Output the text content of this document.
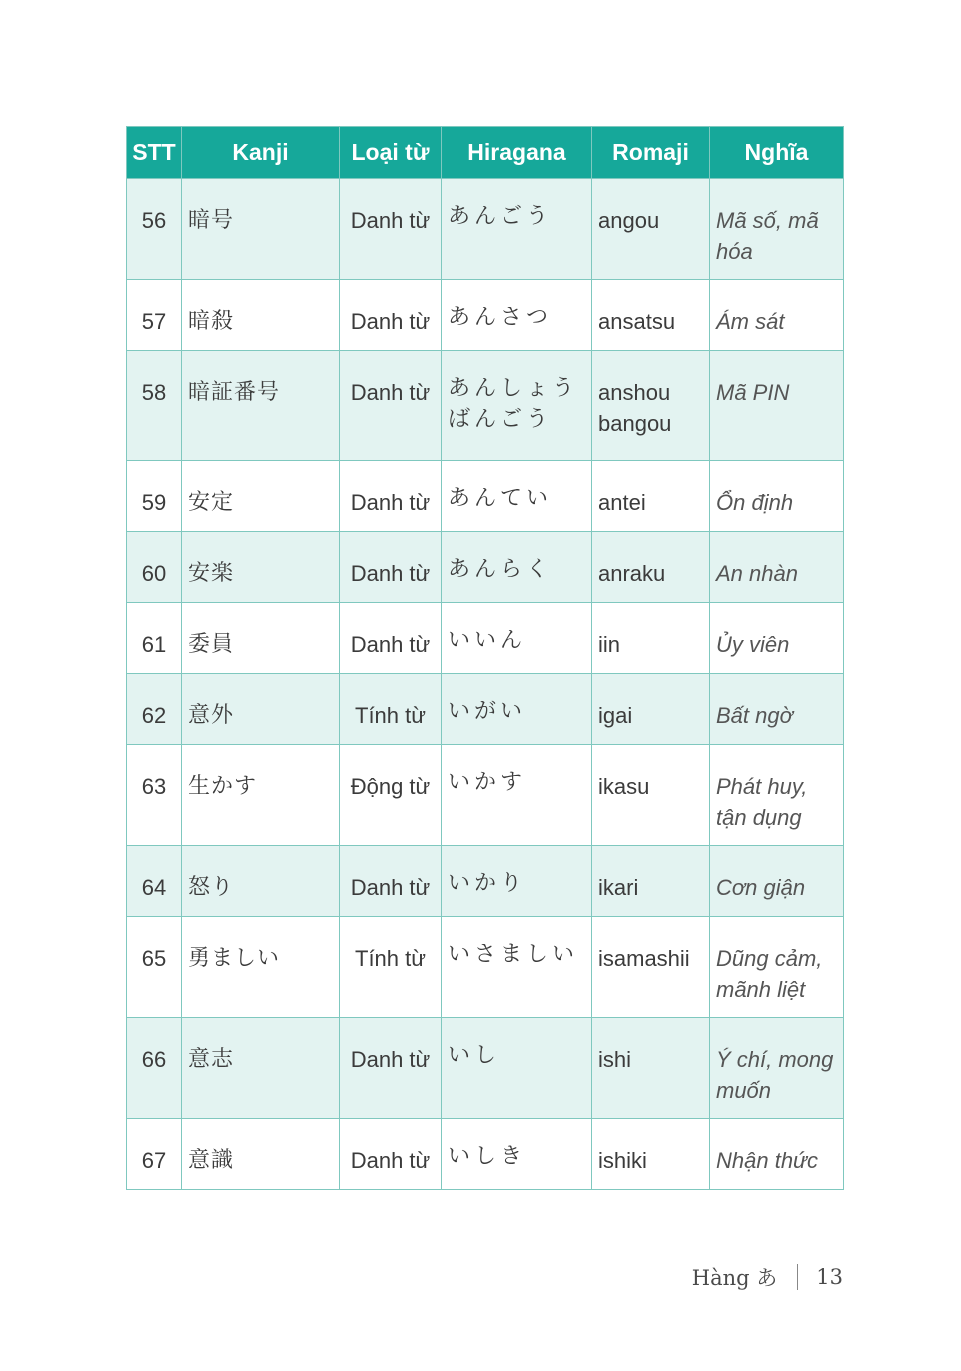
STT	Kanji	Loại từ	Hiragana	Romaji	Nghĩa
56	暗号	Danh từ	あんごう	angou	Mã số, mã hóa
57	暗殺	Danh từ	あんさつ	ansatsu	Ám sát
58	暗証番号	Danh từ	あんしょうばんごう	anshou bangou	Mã PIN
59	安定	Danh từ	あんてい	antei	Ổn định
60	安楽	Danh từ	あんらく	anraku	An nhàn
61	委員	Danh từ	いいん	iin	Ủy viên
62	意外	Tính từ	いがい	igai	Bất ngờ
63	生かす	Động từ	いかす	ikasu	Phát huy, tận dụng
64	怒り	Danh từ	いかり	ikari	Cơn giận
65	勇ましい	Tính từ	いさましい	isamashii	Dũng cảm, mãnh liệt
66	意志	Danh từ	いし	ishi	Ý chí, mong muốn
67	意識	Danh từ	いしき	ishiki	Nhận thức
Hàng あ 13
